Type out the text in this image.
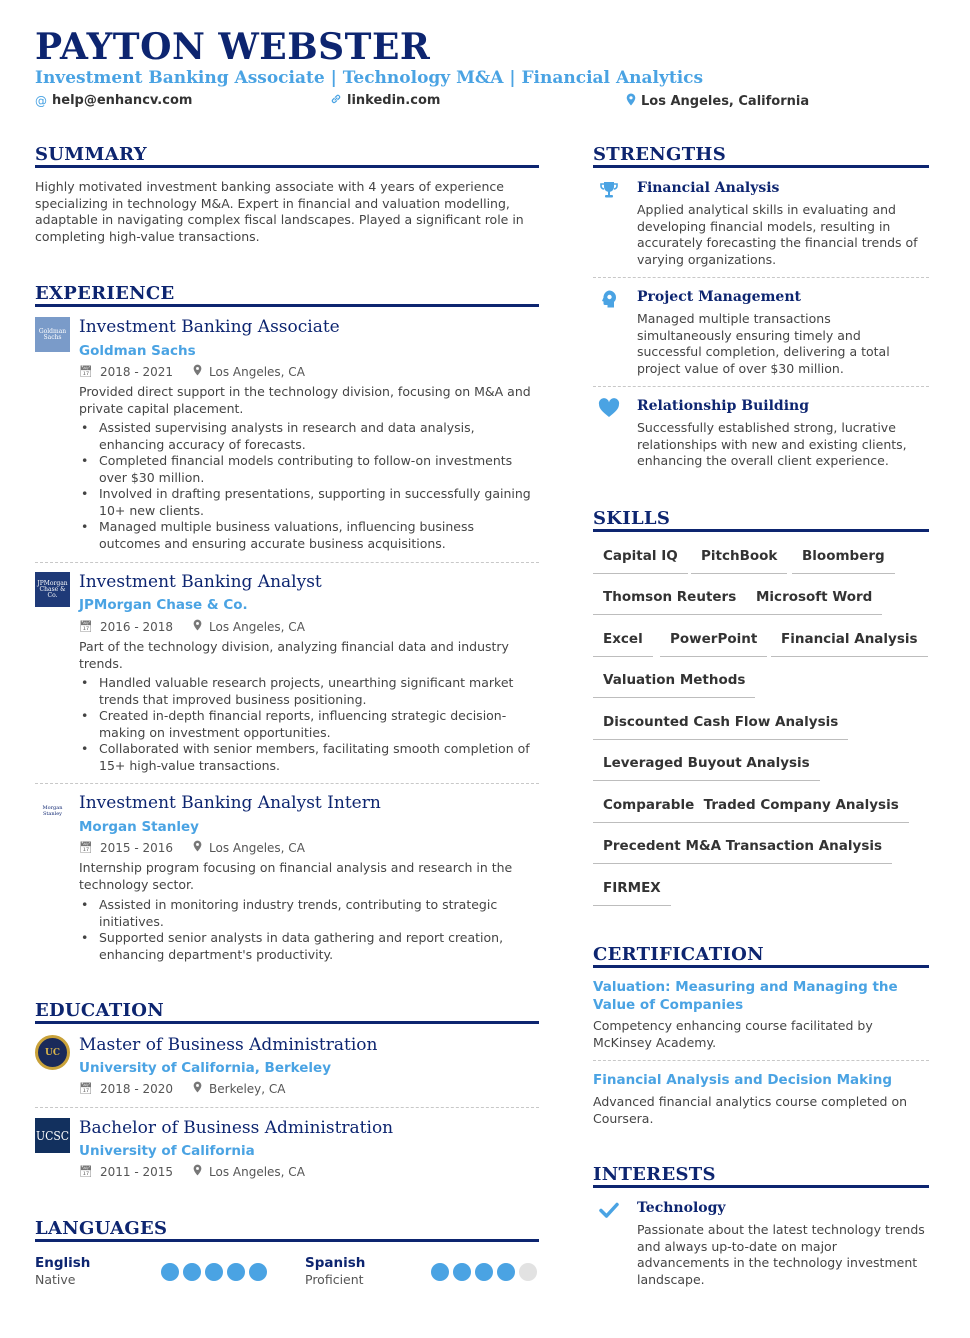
PAYTON WEBSTER
Investment Banking Associate | Technology M&A | Financial Analytics
@ help@enhancv.com	linkedin.com	Los Angeles, California
SUMMARY
Highly motivated investment banking associate with 4 years of experience specializing in technology M&A. Expert in financial and valuation modelling, adaptable in navigating complex fiscal landscapes. Played a significant role in completing high-value transactions.
EXPERIENCE
Goldman Sachs	Investment Banking Associate
Goldman Sachs
📅︎ 2018 - 2021	Los Angeles, CA
Provided direct support in the technology division, focusing on M&A and private capital placement.
• Assisted supervising analysts in research and data analysis, enhancing accuracy of forecasts.
• Completed financial models contributing to follow-on investments over $30 million.
• Involved in drafting presentations, supporting in successfully gaining 10+ new clients.
• Managed multiple business valuations, influencing business outcomes and ensuring accurate business acquisitions.
JPMorgan Chase & Co.
Investment Banking Analyst
JPMorgan Chase & Co.
📅︎ 2016 - 2018	Los Angeles, CA
Part of the technology division, analyzing financial data and industry trends.
• Handled valuable research projects, unearthing significant market trends that improved business positioning.
• Created in-depth financial reports, influencing strategic decision-making on investment opportunities.
• Collaborated with senior members, facilitating smooth completion of 15+ high-value transactions.
Morgan Stanley
Investment Banking Analyst Intern
Morgan Stanley
📅︎ 2015 - 2016	Los Angeles, CA
Internship program focusing on financial analysis and research in the technology sector.
• Assisted in monitoring industry trends, contributing to strategic initiatives.
• Supported senior analysts in data gathering and report creation, enhancing department's productivity.
EDUCATION
UC	Master of Business Administration
University of California, Berkeley
📅︎ 2018 - 2020	Berkeley, CA
UCSC Bachelor of Business Administration
University of California
📅︎ 2011 - 2015	Los Angeles, CA
LANGUAGES
English
Native
Spanish
Proficient
STRENGTHS
Financial Analysis
Applied analytical skills in evaluating and developing financial models, resulting in accurately forecasting the financial trends of varying organizations.
Project Management
Managed multiple transactions simultaneously ensuring timely and successful completion, delivering a total project value of over $30 million.
Relationship Building
Successfully established strong, lucrative relationships with new and existing clients, enhancing the overall client experience.
SKILLS
Capital IQ	PitchBook	Bloomberg
Thomson Reuters	Microsoft Word
Excel	PowerPoint	Financial Analysis
Valuation Methods
Discounted Cash Flow Analysis
Leveraged Buyout Analysis
Comparable  Traded Company Analysis
Precedent M&A Transaction Analysis
FIRMEX
CERTIFICATION
Valuation: Measuring and Managing the Value of Companies
Competency enhancing course facilitated by McKinsey Academy.
Financial Analysis and Decision Making
Advanced financial analytics course completed on Coursera.
INTERESTS
Technology
Passionate about the latest technology trends and always up-to-date on major advancements in the technology investment landscape.
